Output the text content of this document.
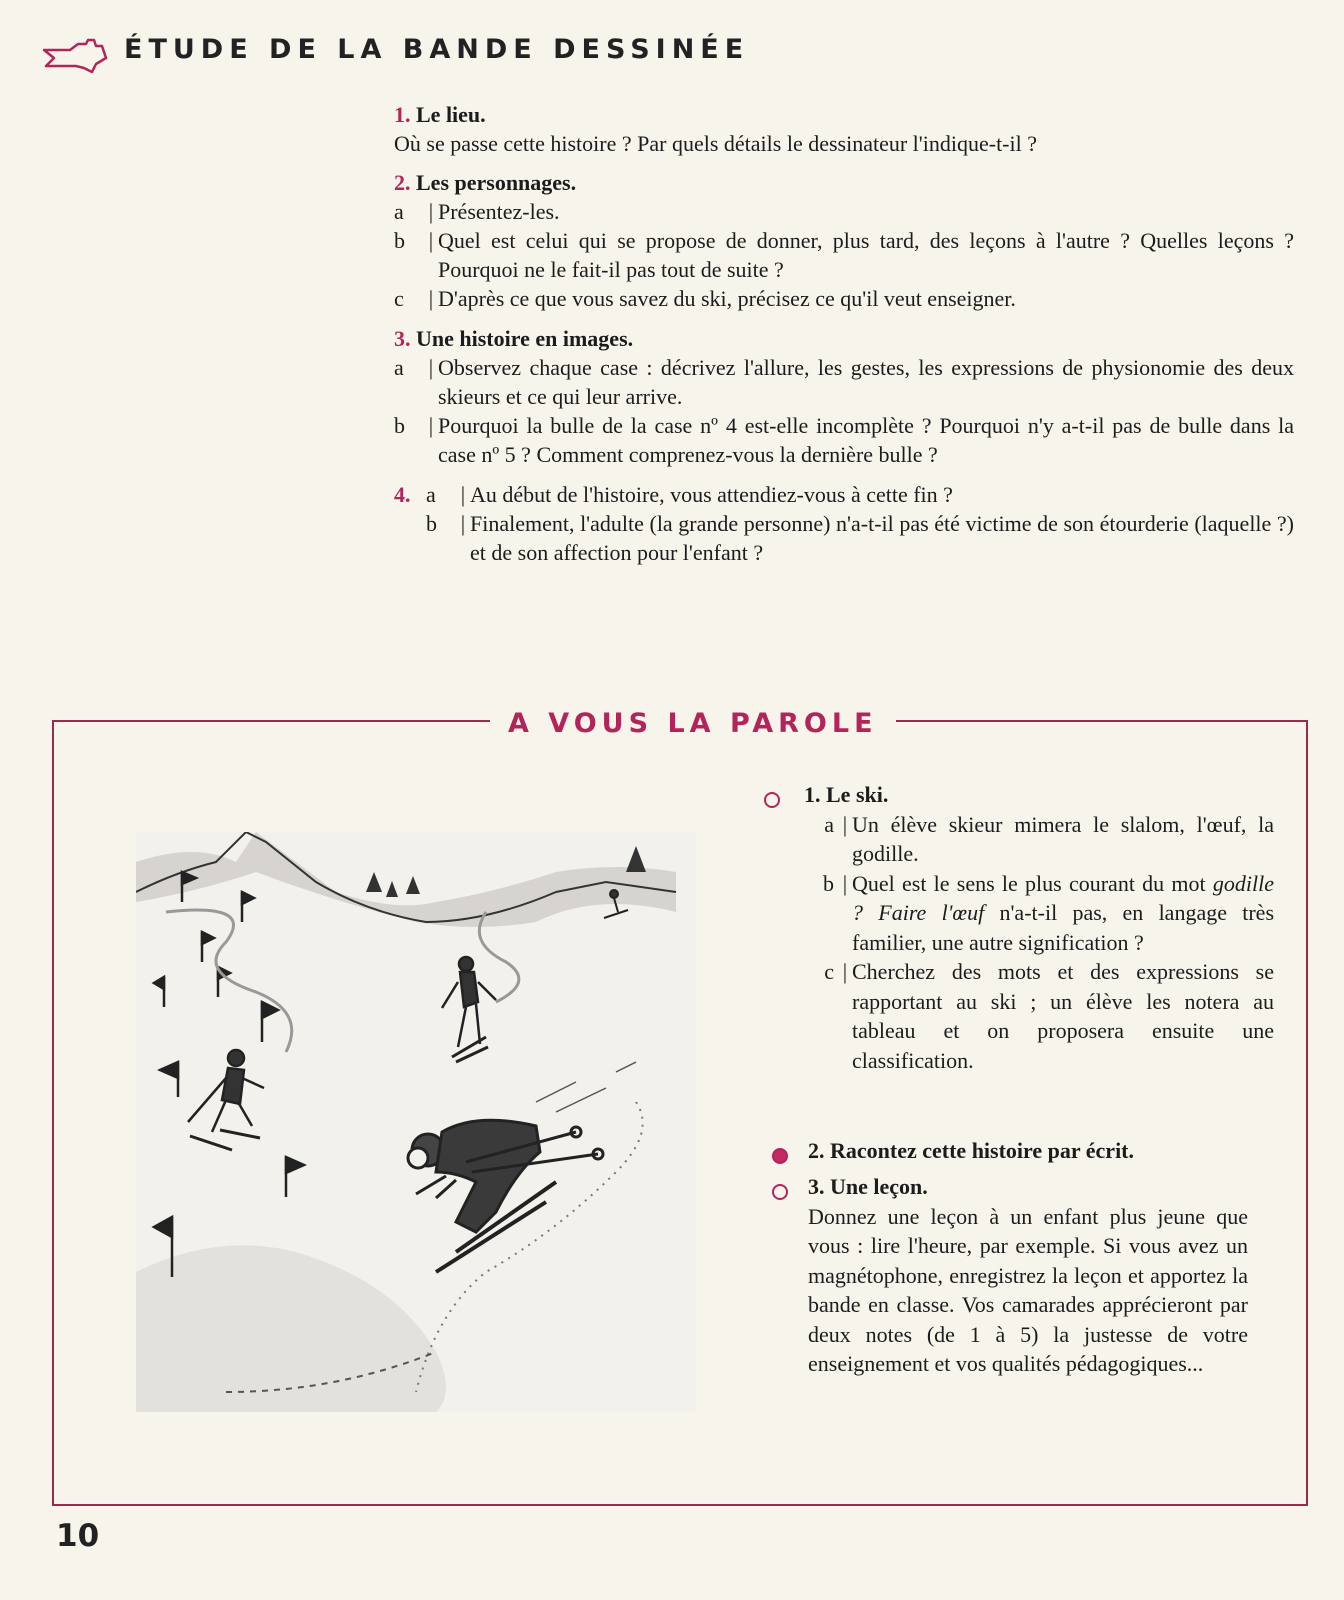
ÉTUDE DE LA BANDE DESSINÉE
1. Le lieu.
Où se passe cette histoire ? Par quels détails le dessinateur l'indique-t-il ?
2. Les personnages.
a	| Présentez-les.
b	| Quel est celui qui se propose de donner, plus tard, des leçons à l'autre ? Quelles leçons ? Pourquoi ne le fait-il pas tout de suite ?
c	| D'après ce que vous savez du ski, précisez ce qu'il veut enseigner.
3. Une histoire en images.
a	| Observez chaque case : décrivez l'allure, les gestes, les expressions de physionomie des deux skieurs et ce qui leur arrive.
b	| Pourquoi la bulle de la case nº 4 est-elle incomplète ? Pourquoi n'y a-t-il pas de bulle dans la case nº 5 ? Comment comprenez-vous la dernière bulle ?
4. a	| Au début de l'histoire, vous attendiez-vous à cette fin ?
b	| Finalement, l'adulte (la grande personne) n'a-t-il pas été victime de son étourderie (laquelle ?) et de son affection pour l'enfant ?
A VOUS LA PAROLE
1. Le ski.
a | Un élève skieur mimera le slalom, l'œuf, la godille.
b | Quel est le sens le plus courant du mot godille ? Faire l'œuf n'a-t-il pas, en langage très familier, une autre signification ?
c | Cherchez des mots et des expressions se rapportant au ski ; un élève les notera au tableau et on proposera ensuite une classification.
2. Racontez cette histoire par écrit.
3. Une leçon.
Donnez une leçon à un enfant plus jeune que vous : lire l'heure, par exemple. Si vous avez un magnétophone, enregistrez la leçon et apportez la bande en classe. Vos camarades apprécieront par deux notes (de 1 à 5) la justesse de votre enseignement et vos qualités pédagogiques...
10
